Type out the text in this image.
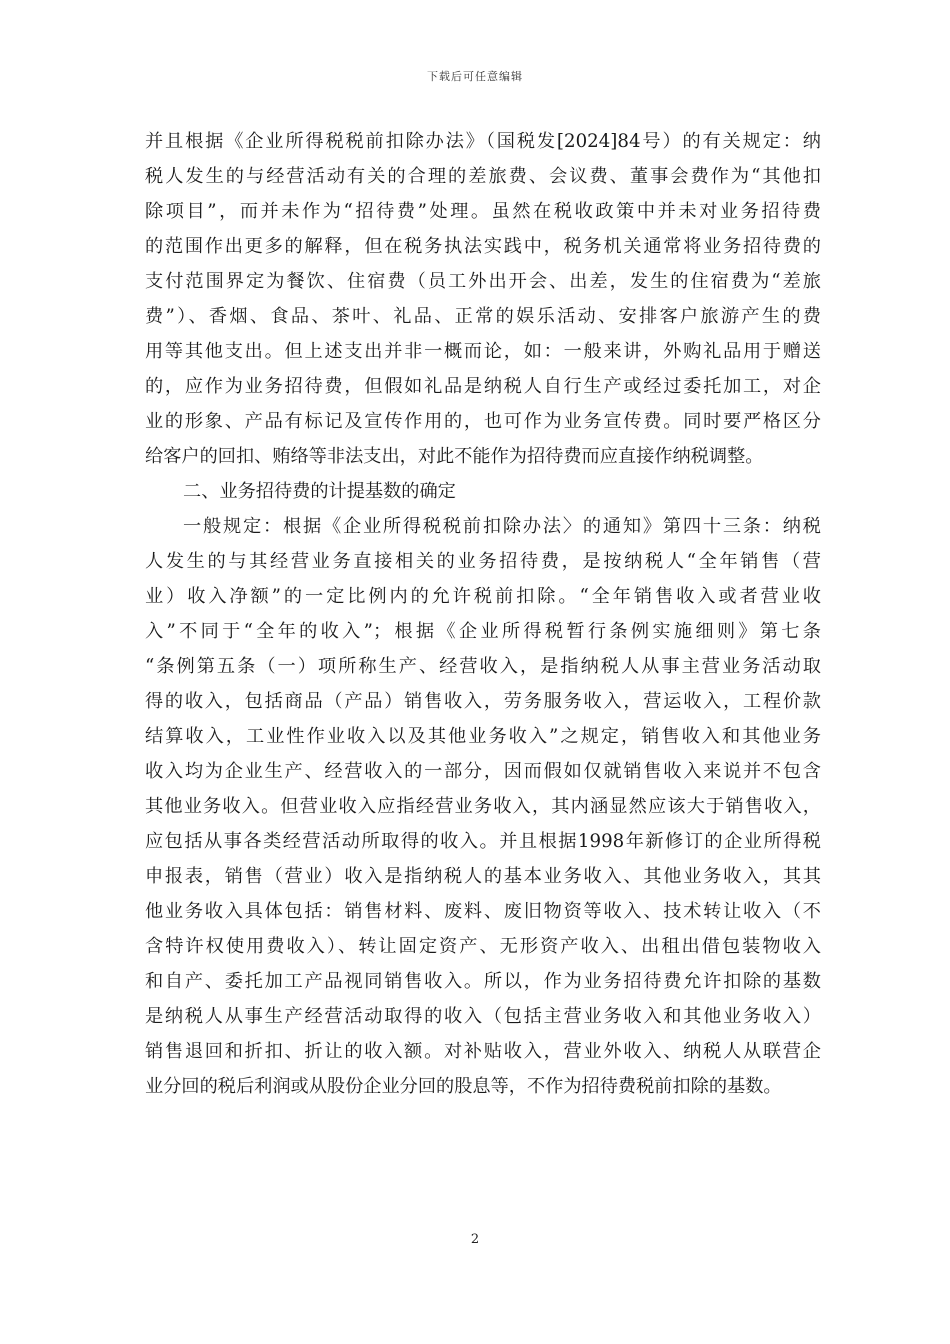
下载后可任意编辑
并且根据《企业所得税税前扣除办法》（国税发[2024]84号）的有关规定：纳
税人发生的与经营活动有关的合理的差旅费、会议费、董事会费作为“其他扣
除项目”，而并未作为“招待费”处理。虽然在税收政策中并未对业务招待费
的范围作出更多的解释，但在税务执法实践中，税务机关通常将业务招待费的
支付范围界定为餐饮、住宿费（员工外出开会、出差，发生的住宿费为“差旅
费”）、香烟、食品、茶叶、礼品、正常的娱乐活动、安排客户旅游产生的费
用等其他支出。但上述支出并非一概而论，如：一般来讲，外购礼品用于赠送
的，应作为业务招待费，但假如礼品是纳税人自行生产或经过委托加工，对企
业的形象、产品有标记及宣传作用的，也可作为业务宣传费。同时要严格区分
给客户的回扣、贿络等非法支出，对此不能作为招待费而应直接作纳税调整。
二、业务招待费的计提基数的确定
一般规定：根据《企业所得税税前扣除办法〉的通知》第四十三条：纳税
人发生的与其经营业务直接相关的业务招待费，是按纳税人“全年销售（营
业）收入净额”的一定比例内的允许税前扣除。“全年销售收入或者营业收
入”不同于“全年的收入”；根据《企业所得税暂行条例实施细则》第七条
“条例第五条（一）项所称生产、经营收入，是指纳税人从事主营业务活动取
得的收入，包括商品（产品）销售收入，劳务服务收入，营运收入，工程价款
结算收入，工业性作业收入以及其他业务收入”之规定，销售收入和其他业务
收入均为企业生产、经营收入的一部分，因而假如仅就销售收入来说并不包含
其他业务收入。但营业收入应指经营业务收入，其内涵显然应该大于销售收入，
应包括从事各类经营活动所取得的收入。并且根据1998年新修订的企业所得税
申报表，销售（营业）收入是指纳税人的基本业务收入、其他业务收入，其其
他业务收入具体包括：销售材料、废料、废旧物资等收入、技术转让收入（不
含特许权使用费收入）、转让固定资产、无形资产收入、出租出借包装物收入
和自产、委托加工产品视同销售收入。所以，作为业务招待费允许扣除的基数
是纳税人从事生产经营活动取得的收入（包括主营业务收入和其他业务收入）
销售退回和折扣、折让的收入额。对补贴收入，营业外收入、纳税人从联营企
业分回的税后利润或从股份企业分回的股息等，不作为招待费税前扣除的基数。
2
